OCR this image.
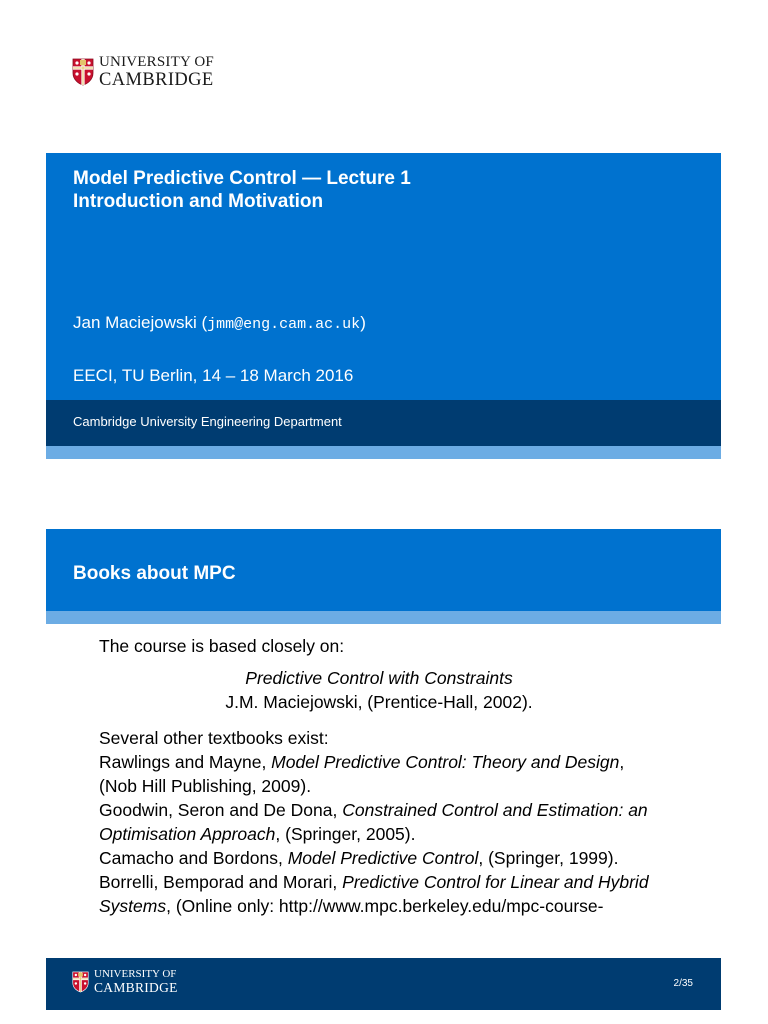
UNIVERSITY OF
CAMBRIDGE
Model Predictive Control — Lecture 1
Introduction and Motivation
Jan Maciejowski (jmm@eng.cam.ac.uk)
EECI, TU Berlin, 14 – 18 March 2016
Cambridge University Engineering Department
Books about MPC

The course is based closely on:

Predictive Control with Constraints

J.M. Maciejowski, (Prentice-Hall, 2002).

Several other textbooks exist:

Rawlings and Mayne, Model Predictive Control: Theory and Design, (Nob Hill Publishing, 2009).

Goodwin, Seron and De Dona, Constrained Control and Estimation: an Optimisation Approach, (Springer, 2005).

Camacho and Bordons, Model Predictive Control, (Springer, 1999).

Borrelli, Bemporad and Morari, Predictive Control for Linear and Hybrid Systems, (Online only: http://www.mpc.berkeley.edu/mpc-course-

2/35
UNIVERSITY OF
CAMBRIDGE
